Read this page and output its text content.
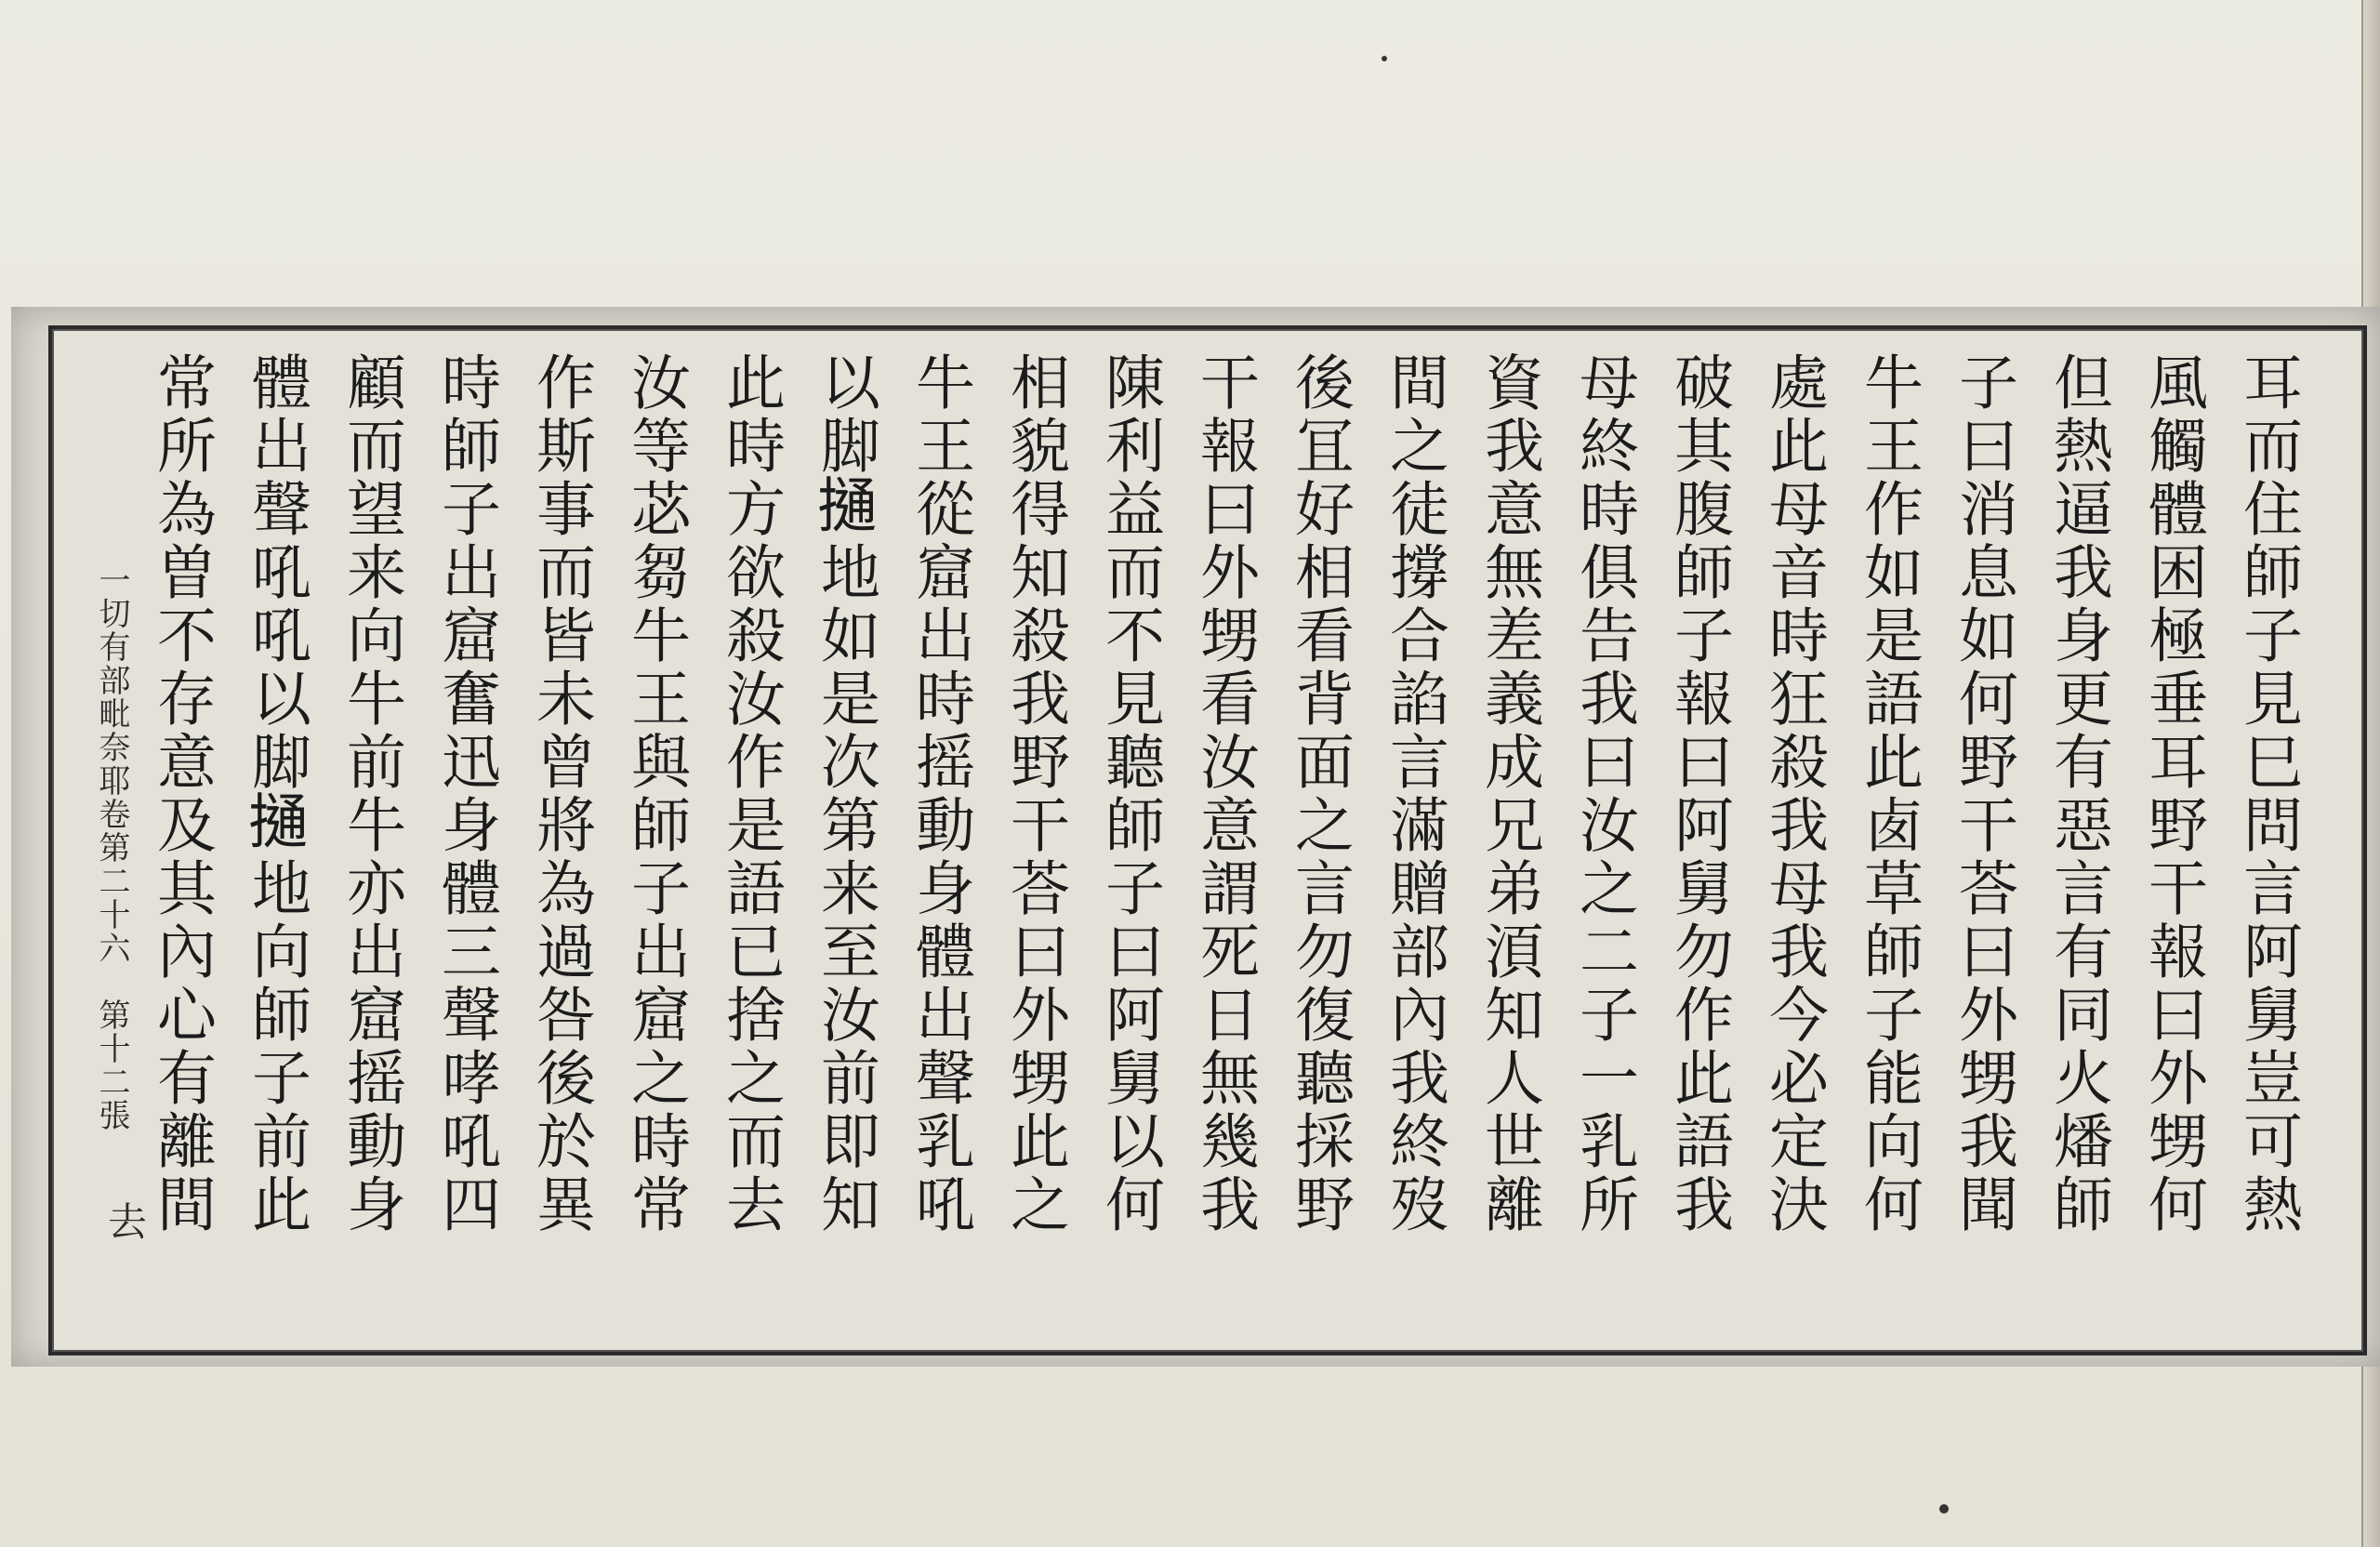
耳而住師子見巳問言阿舅豈可熱
風觸體困極垂耳野干報曰外甥何
但熱逼我身更有惡言有同火燔師
子曰消息如何野干荅曰外甥我聞
牛王作如是語此𠧧草師子能向何
處此母音時狂殺我母我今必定決
破其腹師子報曰阿舅勿作此語我
母終時俱告我曰汝之二子一乳所
資我意無差義成兄弟湏知人世離
間之徒撐合諂言滿贈部內我終歿
後冝好相看背面之言勿復聽採野
干報曰外甥看汝意謂死日無幾我
陳利益而不見聽師子曰阿舅以何
相貌得知殺我野干荅曰外甥此之
牛王從窟出時摇動身體出聲乳吼
以脚𢳟地如是次第来至汝前即知
此時方欲殺汝作是語已捨之而去
汝等苾芻牛王與師子出窟之時常
作斯事而皆未曾將為過咎後於異
時師子出窟奮迅身體三聲哮吼四
顧而望来向牛前牛亦出窟摇動身
體出聲吼吼以脚𢳟地向師子前此
常所為曽不存意及其內心有離間
一切有部毗奈耶卷第二十六　第十二張
去
